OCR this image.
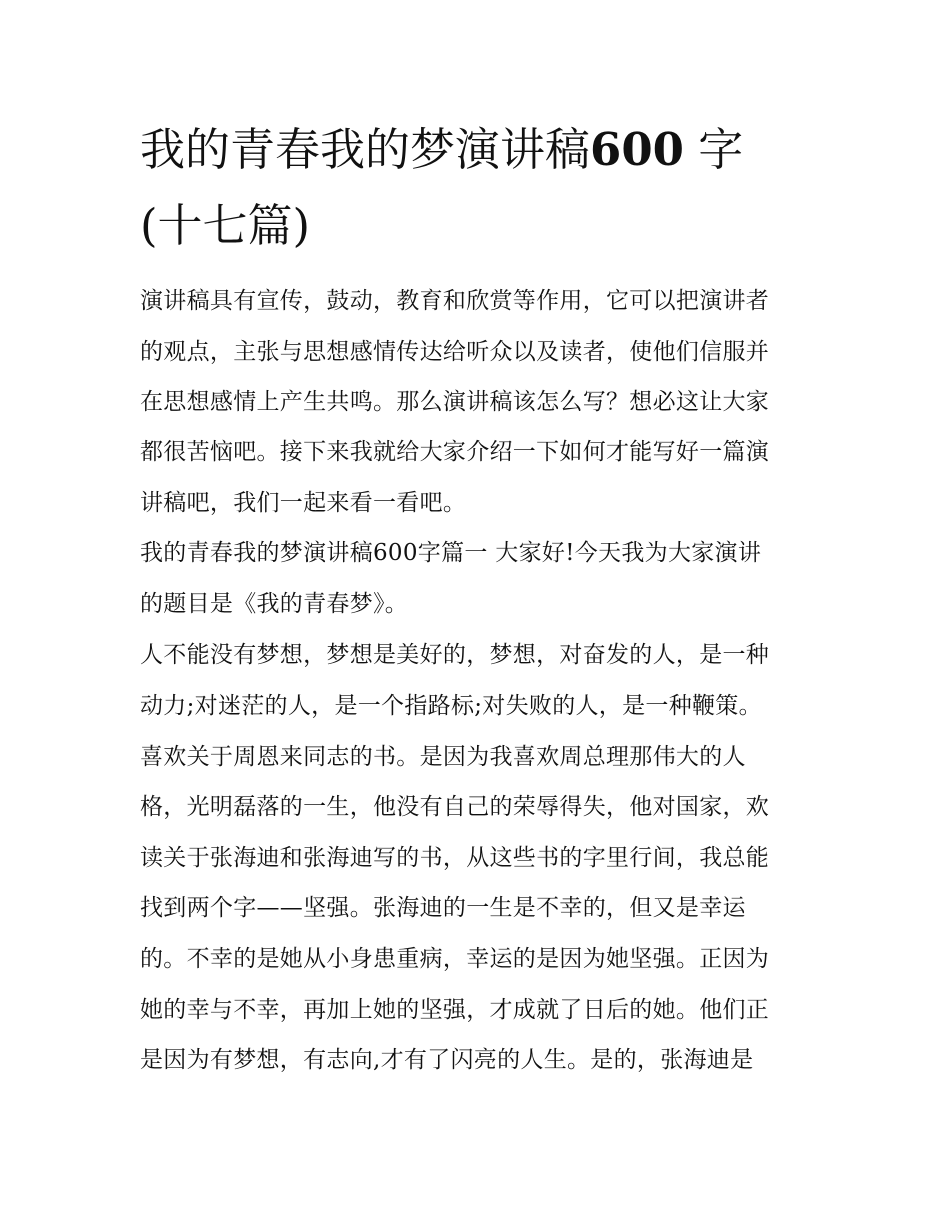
我的青春我的梦演讲稿600 字
(十七篇)

演讲稿具有宣传，鼓动，教育和欣赏等作用，它可以把演讲者

的观点，主张与思想感情传达给听众以及读者，使他们信服并

在思想感情上产生共鸣。那么演讲稿该怎么写？想必这让大家

都很苦恼吧。接下来我就给大家介绍一下如何才能写好一篇演

讲稿吧，我们一起来看一看吧。

我的青春我的梦演讲稿600字篇一 大家好!今天我为大家演讲

的题目是《我的青春梦》。

人不能没有梦想，梦想是美好的，梦想，对奋发的人，是一种

动力;对迷茫的人，是一个指路标;对失败的人，是一种鞭策。

喜欢关于周恩来同志的书。是因为我喜欢周总理那伟大的人

格，光明磊落的一生，他没有自己的荣辱得失，他对国家，欢

读关于张海迪和张海迪写的书，从这些书的字里行间，我总能

找到两个字——坚强。张海迪的一生是不幸的，但又是幸运

的。不幸的是她从小身患重病，幸运的是因为她坚强。正因为

她的幸与不幸，再加上她的坚强，才成就了日后的她。他们正

是因为有梦想，有志向,才有了闪亮的人生。是的，张海迪是
